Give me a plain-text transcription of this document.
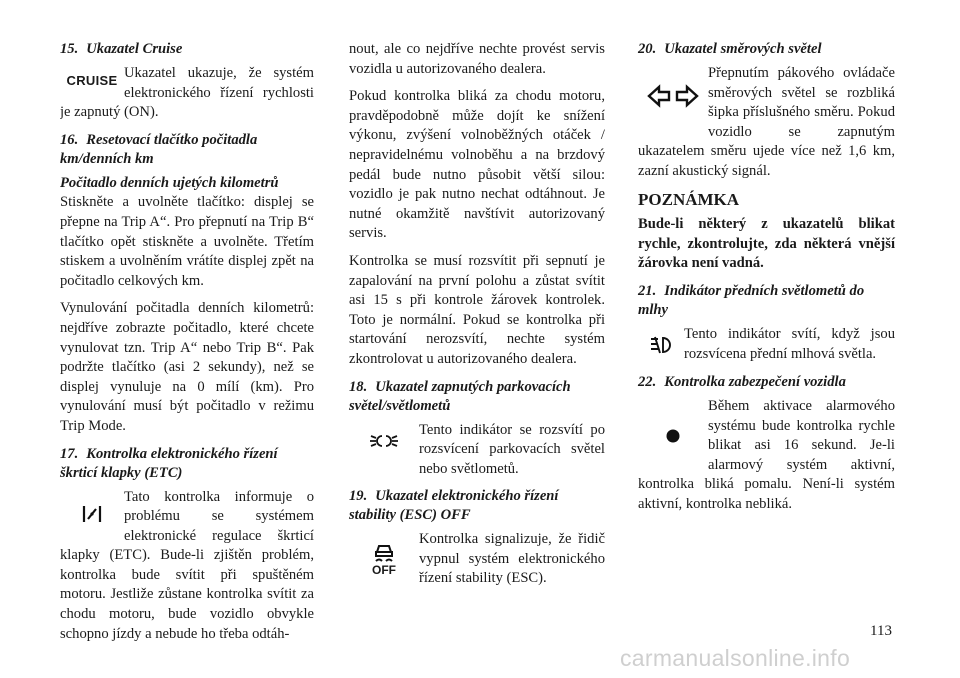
15. Ukazatel Cruise
CRUISE Ukazatel ukazuje, že systém elektronického řízení rychlosti je zapnutý (ON).

16. Resetovací tlačítko počitadla km/denních km

Počitadlo denních ujetých kilometrů

Stiskněte a uvolněte tlačítko: displej se přepne na Trip A“. Pro přepnutí na Trip B“ tlačítko opět stiskněte a uvolněte. Třetím stiskem a uvolněním vrátíte displej zpět na počitadlo celkových km.

Vynulování počitadla denních kilometrů: nejdříve zobrazte počitadlo, které chcete vynulovat tzn. Trip A“ nebo Trip B“. Pak podržte tlačítko (asi 2 sekundy), než se displej vynuluje na 0 mílí (km). Pro vynulování musí být počitadlo v režimu Trip Mode.

17. Kontrolka elektronického řízení škrticí klapky (ETC)

Tato kontrolka informuje o problému se systémem elektronické regulace škrticí klapky (ETC). Bude-li zjištěn problém, kontrolka bude svítit při spuštěném motoru. Jestliže zůstane kontrolka svítit za chodu motoru, bude vozidlo obvykle schopno jízdy a nebude ho třeba odtáh-

nout, ale co nejdříve nechte provést servis vozidla u autorizovaného dealera.

Pokud kontrolka bliká za chodu motoru, pravděpodobně může dojít ke snížení výkonu, zvýšení volnoběžných otáček / nepravidelnému volnoběhu a na brzdový pedál bude nutno působit větší silou: vozidlo je pak nutno nechat odtáhnout. Je nutné okamžitě navštívit autorizovaný servis.

Kontrolka se musí rozsvítit při sepnutí je zapalování na první polohu a zůstat svítit asi 15 s při kontrole žárovek kontrolek. Toto je normální. Pokud se kontrolka při startování nerozsvítí, nechte systém zkontrolovat u autorizovaného dealera.

18. Ukazatel zapnutých parkovacích světel/světlometů

Tento indikátor se rozsvítí po rozsvícení parkovacích světel nebo světlometů.

19. Ukazatel elektronického řízení stability (ESC) OFF
OFF

Kontrolka signalizuje, že řidič vypnul systém elektronického řízení stability (ESC).

20. Ukazatel směrových světel

Přepnutím pákového ovládače směrových světel se rozbliká šipka příslušného směru. Pokud vozidlo se zapnutým ukazatelem směru ujede více než 1,6 km, zazní akustický signál.

POZNÁMKA

Bude-li některý z ukazatelů blikat rychle, zkontrolujte, zda některá vnější žárovka není vadná.

21. Indikátor předních světlometů do mlhy

Tento indikátor svítí, když jsou rozsvícena přední mlhová světla.

22. Kontrolka zabezpečení vozidla

Během aktivace alarmového systému bude kontrolka rychle blikat asi 16 sekund. Je-li alarmový systém aktivní, kontrolka bliká pomalu. Není-li systém aktivní, kontrolka nebliká.

113
carmanualsonline.info
